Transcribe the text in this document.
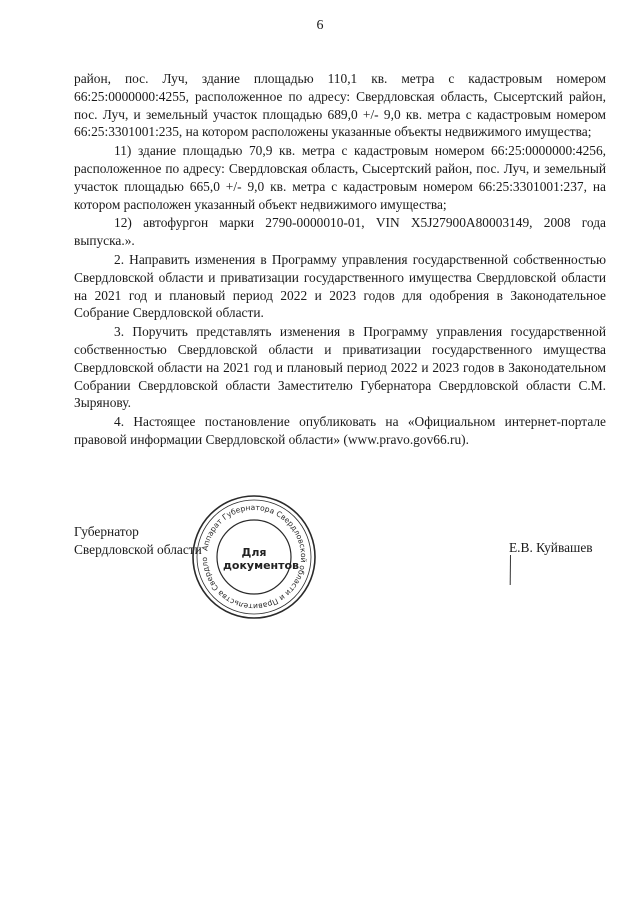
6

район, пос. Луч, здание площадью 110,1 кв. метра с кадастровым номером 66:25:0000000:4255, расположенное по адресу: Свердловская область, Сысертский район, пос. Луч, и земельный участок площадью 689,0 +/- 9,0 кв. метра с кадастровым номером 66:25:3301001:235, на котором расположены указанные объекты недвижимого имущества;

11) здание площадью 70,9 кв. метра с кадастровым номером 66:25:0000000:4256, расположенное по адресу: Свердловская область, Сысертский район, пос. Луч, и земельный участок площадью 665,0 +/- 9,0 кв. метра с кадастровым номером 66:25:3301001:237, на котором расположен указанный объект недвижимого имущества;

12) автофургон марки 2790-0000010-01, VIN X5J27900A80003149, 2008 года выпуска.».

2. Направить изменения в Программу управления государственной собственностью Свердловской области и приватизации государственного имущества Свердловской области на 2021 год и плановый период 2022 и 2023 годов для одобрения в Законодательное Собрание Свердловской области.

3. Поручить представлять изменения в Программу управления государственной собственностью Свердловской области и приватизации государственного имущества Свердловской области на 2021 год и плановый период 2022 и 2023 годов в Законодательном Собрании Свердловской области Заместителю Губернатора Свердловской области С.М. Зырянову.

4. Настоящее постановление опубликовать на «Официальном интернет-портале правовой информации Свердловской области» (www.pravo.gov66.ru).

Губернатор
Свердловской области
Аппарат Губернатора Свердловской области и Правительства Свердло
Для
документов
Е.В. Куйвашев
